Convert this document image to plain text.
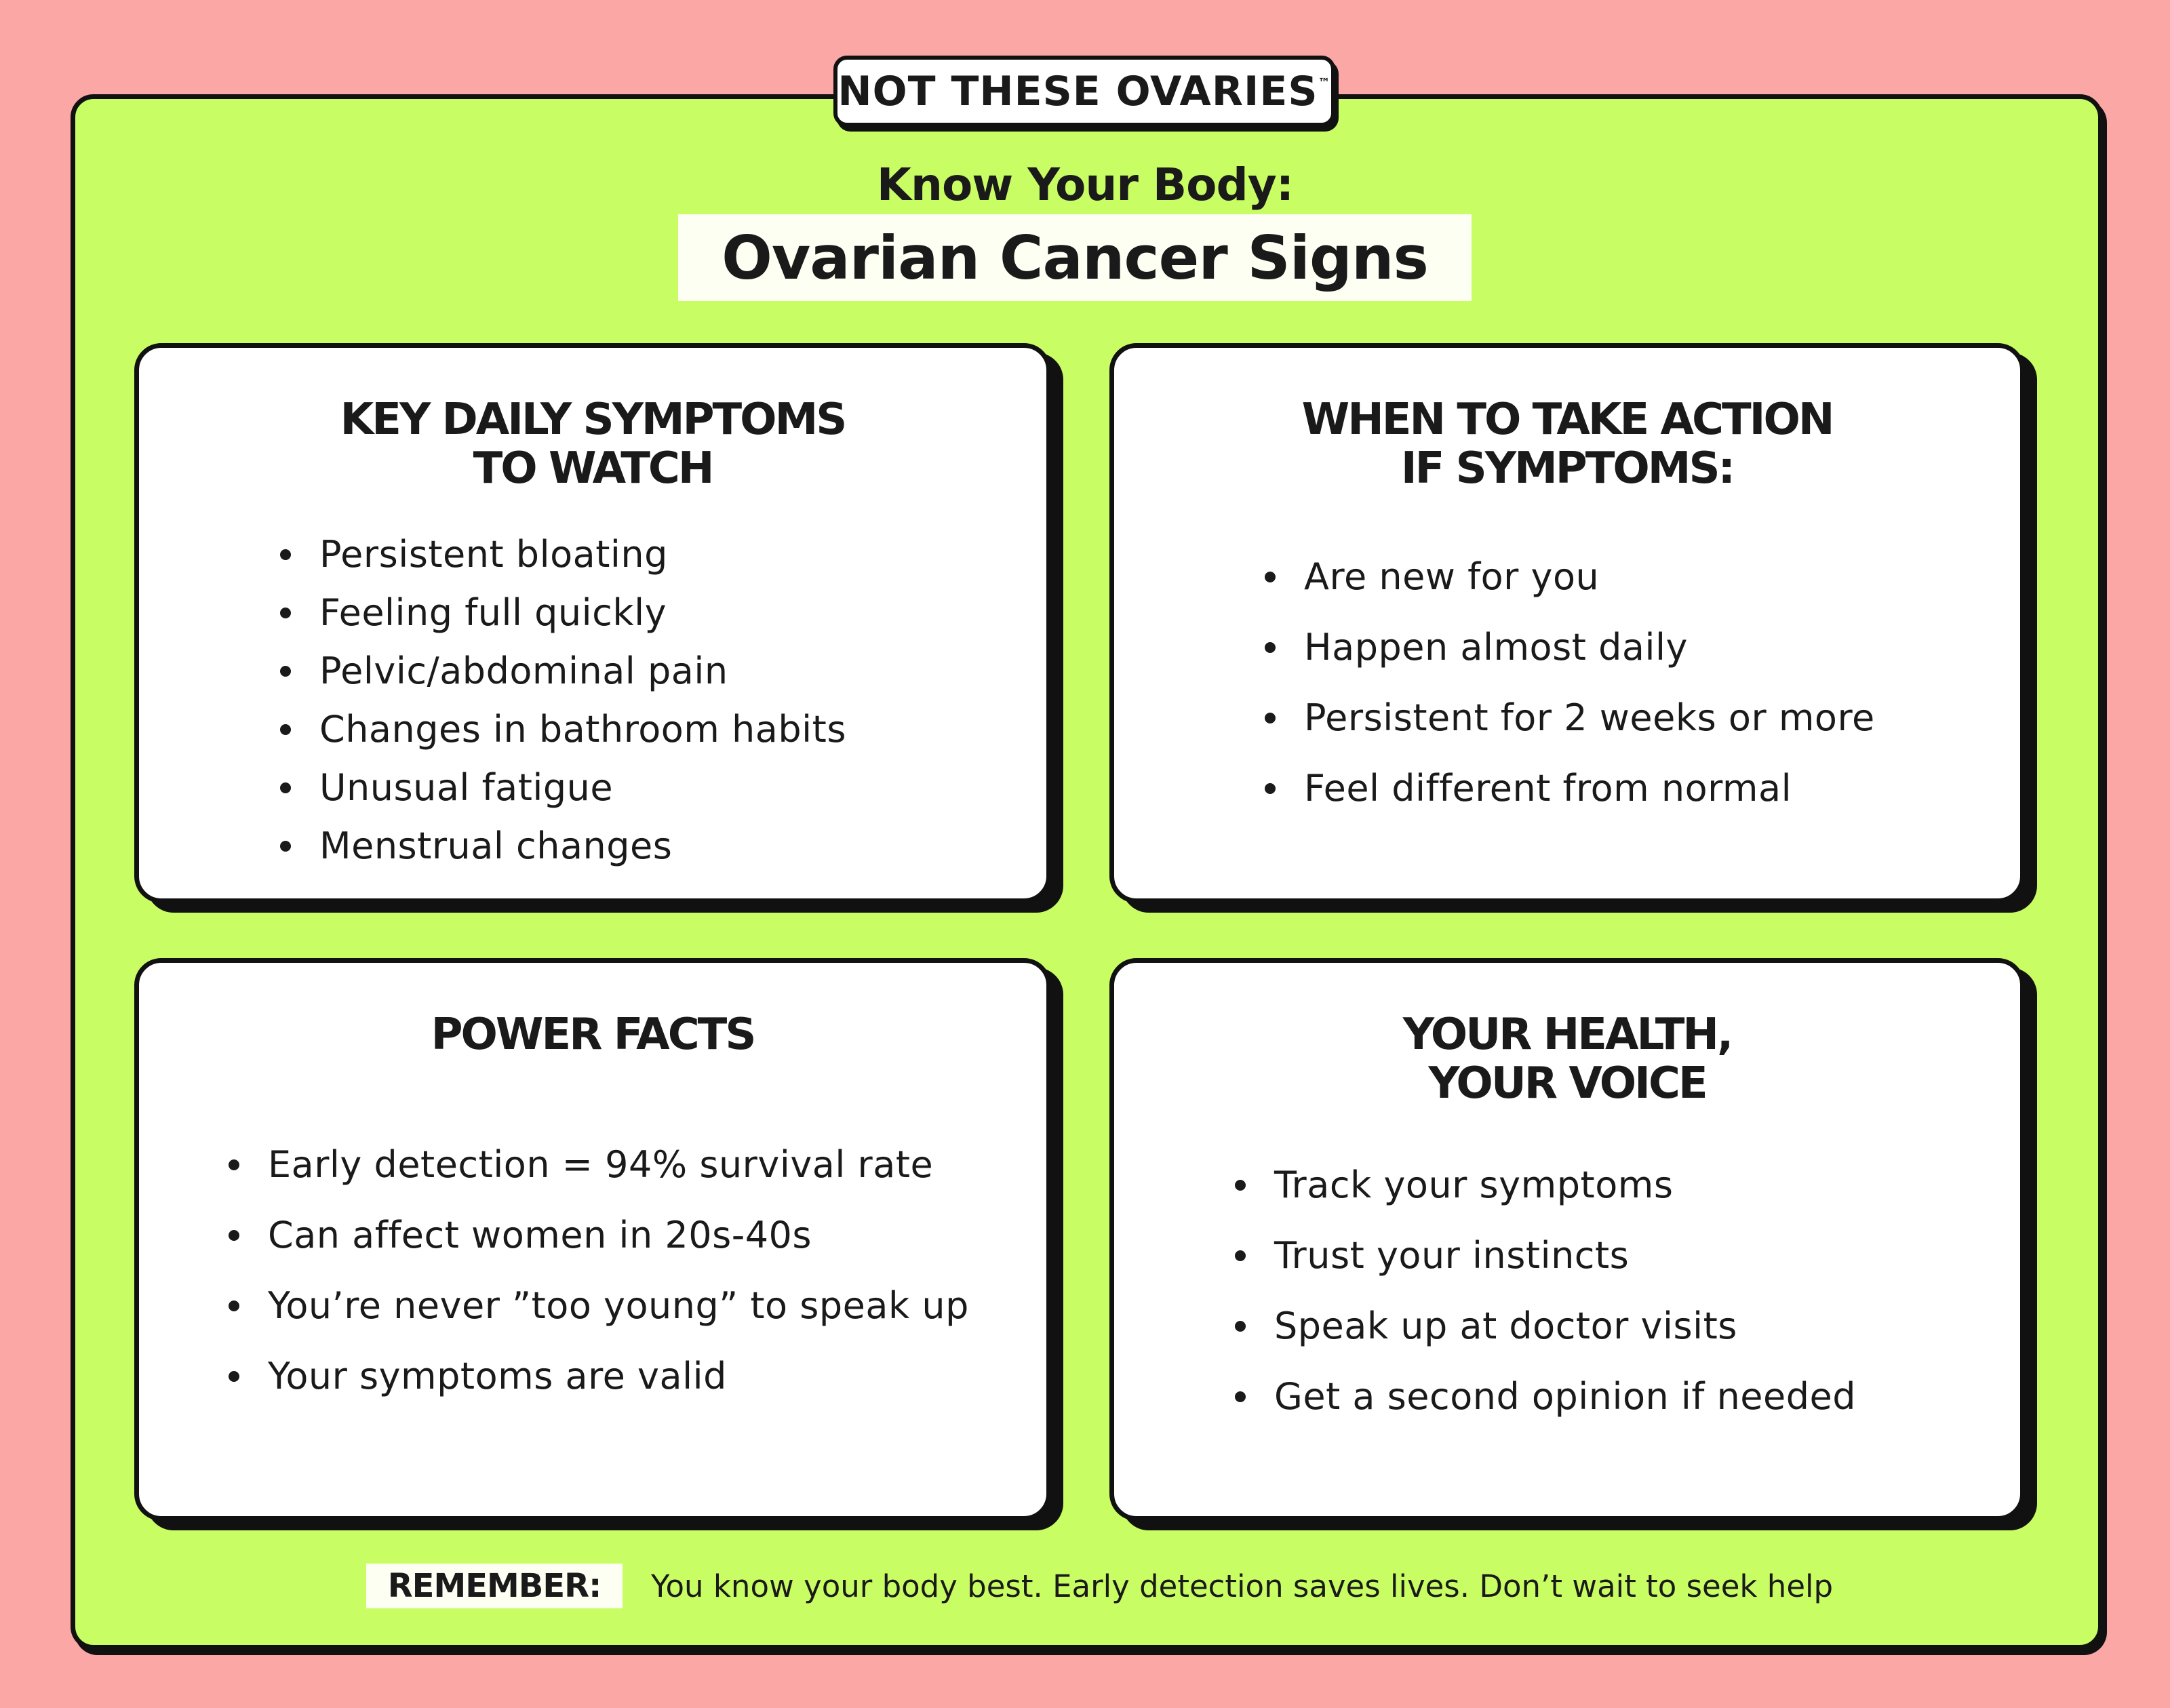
NOT THESE OVARIES ™
Know Your Body:
Ovarian Cancer Signs
KEY DAILY SYMPTOMS
TO WATCH
Persistent bloating
Feeling full quickly
Pelvic/abdominal pain
Changes in bathroom habits
Unusual fatigue
Menstrual changes
WHEN TO TAKE ACTION
IF SYMPTOMS:
Are new for you
Happen almost daily
Persistent for 2 weeks or more
Feel different from normal
POWER FACTS
Early detection = 94% survival rate
Can affect women in 20s-40s
You’re never ”too young” to speak up
Your symptoms are valid
YOUR HEALTH,
YOUR VOICE
Track your symptoms
Trust your instincts
Speak up at doctor visits
Get a second opinion if needed
REMEMBER: You know your body best. Early detection saves lives. Don’t wait to seek help
